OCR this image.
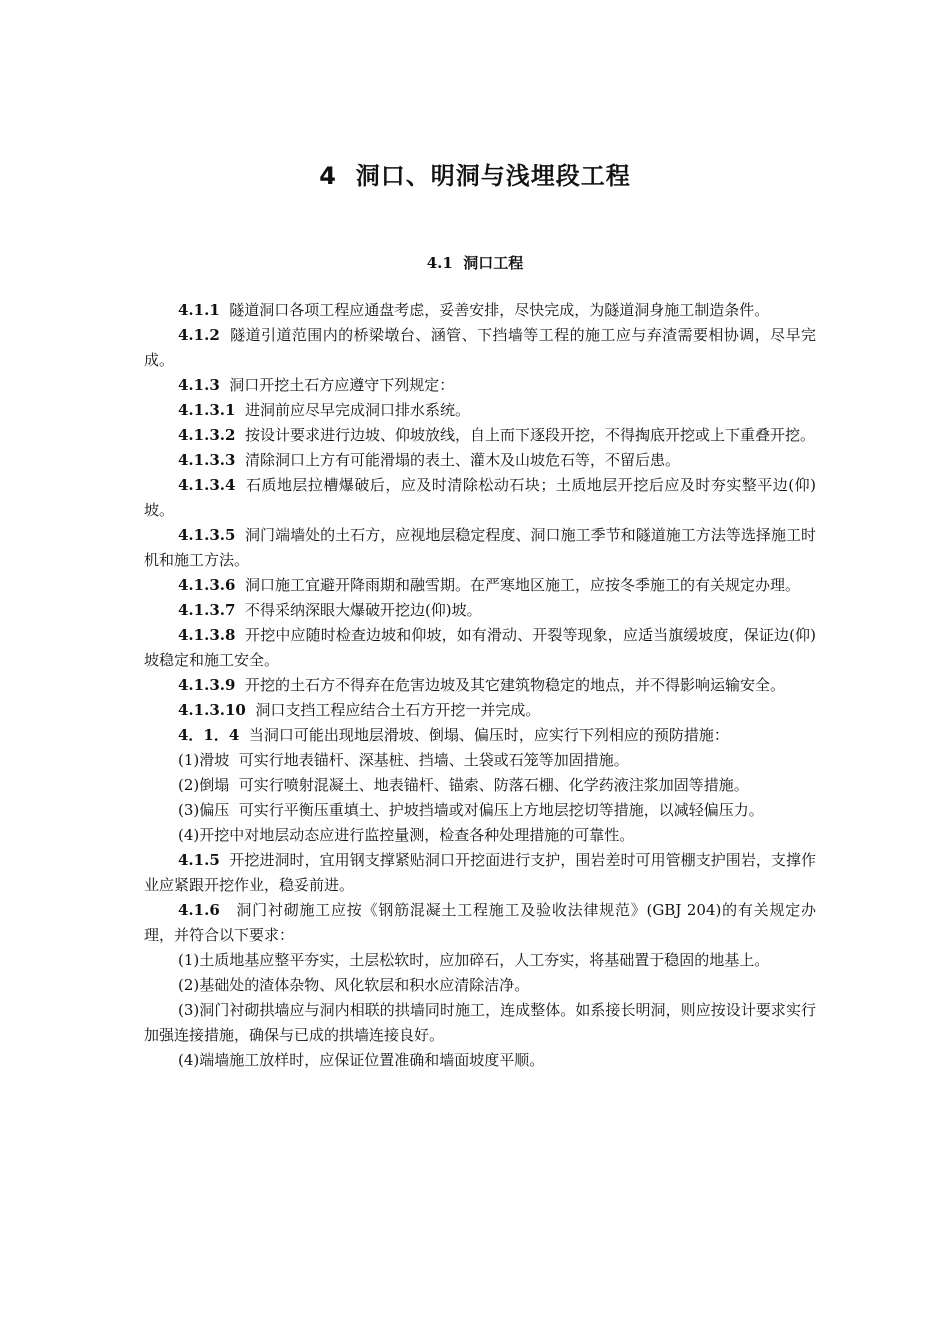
4  洞口、明洞与浅埋段工程
4.1  洞口工程

4.1.1  隧道洞口各项工程应通盘考虑，妥善安排，尽快完成，为隧道洞身施工制造条件。

4.1.2  隧道引道范围内的桥梁墩台、涵管、下挡墙等工程的施工应与弃渣需要相协调，尽早完成。

4.1.3  洞口开挖土石方应遵守下列规定：

4.1.3.1  进洞前应尽早完成洞口排水系统。

4.1.3.2  按设计要求进行边坡、仰坡放线，自上而下逐段开挖，不得掏底开挖或上下重叠开挖。

4.1.3.3  清除洞口上方有可能滑塌的表土、灌木及山坡危石等，不留后患。

4.1.3.4  石质地层拉槽爆破后，应及时清除松动石块；土质地层开挖后应及时夯实整平边(仰)坡。

4.1.3.5  洞门端墙处的土石方，应视地层稳定程度、洞口施工季节和隧道施工方法等选择施工时机和施工方法。

4.1.3.6  洞口施工宜避开降雨期和融雪期。在严寒地区施工，应按冬季施工的有关规定办理。

4.1.3.7  不得采纳深眼大爆破开挖边(仰)坡。

4.1.3.8  开挖中应随时检查边坡和仰坡，如有滑动、开裂等现象，应适当旗缓坡度，保证边(仰)坡稳定和施工安全。

4.1.3.9  开挖的土石方不得弃在危害边坡及其它建筑物稳定的地点，并不得影响运输安全。

4.1.3.10  洞口支挡工程应结合土石方开挖一并完成。

4．1．4  当洞口可能出现地层滑坡、倒塌、偏压时，应实行下列相应的预防措施：

(1)滑坡  可实行地表锚杆、深基桩、挡墙、土袋或石笼等加固措施。

(2)倒塌  可实行喷射混凝土、地表锚杆、锚索、防落石棚、化学药液注浆加固等措施。

(3)偏压  可实行平衡压重填土、护坡挡墙或对偏压上方地层挖切等措施，以减轻偏压力。

(4)开挖中对地层动态应进行监控量测，检查各种处理措施的可靠性。

4.1.5  开挖进洞时，宜用钢支撑紧贴洞口开挖面进行支护，围岩差时可用管棚支护围岩，支撑作业应紧跟开挖作业，稳妥前进。

4.1.6   洞门衬砌施工应按《钢筋混凝土工程施工及验收法律规范》(GBJ 204)的有关规定办理，并符合以下要求：

(1)土质地基应整平夯实，土层松软时，应加碎石，人工夯实，将基础置于稳固的地基上。

(2)基础处的渣体杂物、风化软层和积水应清除洁净。

(3)洞门衬砌拱墙应与洞内相联的拱墙同时施工，连成整体。如系接长明洞，则应按设计要求实行加强连接措施，确保与已成的拱墙连接良好。

(4)端墙施工放样时，应保证位置准确和墙面坡度平顺。
